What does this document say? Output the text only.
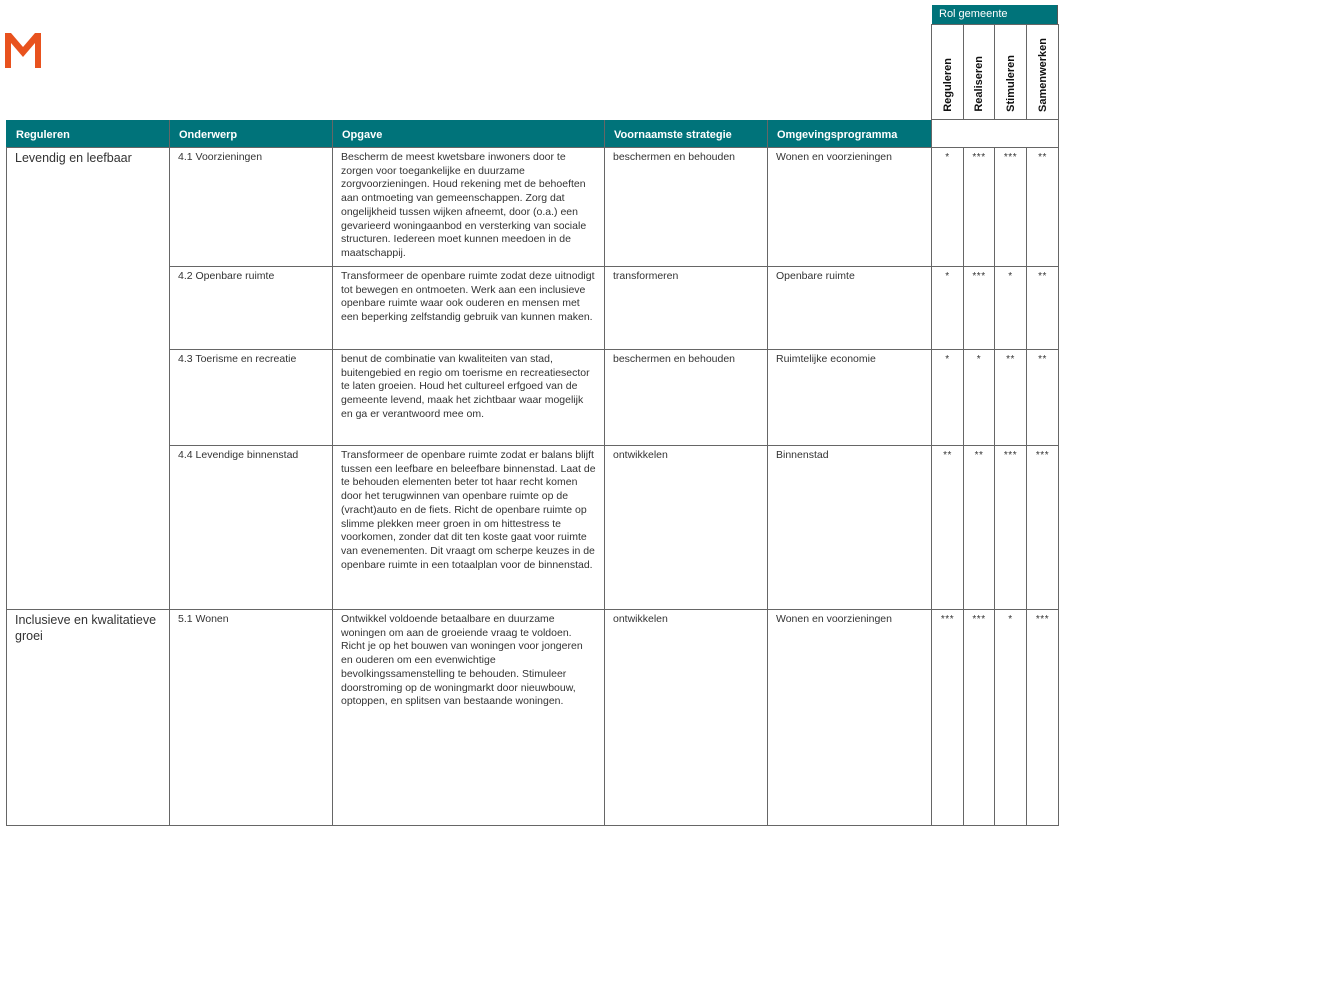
Rol gemeente
					Reguleren	Realiseren	Stimuleren	Samenwerken
Reguleren	Onderwerp	Opgave	Voornaamste strategie	Omgevingsprogramma				
Levendig en leefbaar	4.1 Voorzieningen	Bescherm de meest kwetsbare inwoners door te zorgen voor toegankelijke en duurzame zorgvoorzieningen. Houd rekening met de behoeften aan ontmoeting van gemeenschappen. Zorg dat ongelijkheid tussen wijken afneemt, door (o.a.) een gevarieerd woningaanbod en versterking van sociale structuren. Iedereen moet kunnen meedoen in de maatschappij.	beschermen en behouden	Wonen en voorzieningen	*	***	***	**
	4.2 Openbare ruimte	Transformeer de openbare ruimte zodat deze uitnodigt tot bewegen en ontmoeten. Werk aan een inclusieve openbare ruimte waar ook ouderen en mensen met een beperking zelfstandig gebruik van kunnen maken.	transformeren	Openbare ruimte	*	***	*	**
	4.3 Toerisme en recreatie	benut de combinatie van kwaliteiten van stad, buitengebied en regio om toerisme en recreatiesector te laten groeien. Houd het cultureel erfgoed van de gemeente levend, maak het zichtbaar waar mogelijk en ga er verantwoord mee om.	beschermen en behouden	Ruimtelijke economie	*	*	**	**
	4.4 Levendige binnenstad	Transformeer de openbare ruimte zodat er balans blijft tussen een leefbare en beleefbare binnenstad. Laat de te behouden elementen beter tot haar recht komen door het terugwinnen van openbare ruimte op de (vracht)auto en de fiets. Richt de openbare ruimte op slimme plekken meer groen in om hittestress te voorkomen, zonder dat dit ten koste gaat voor ruimte van evenementen. Dit vraagt om scherpe keuzes in de openbare ruimte in een totaalplan voor de binnenstad.	ontwikkelen	Binnenstad	**	**	***	***
Inclusieve en kwalitatieve groei	5.1 Wonen	Ontwikkel voldoende betaalbare en duurzame woningen om aan de groeiende vraag te voldoen. Richt je op het bouwen van woningen voor jongeren en ouderen om een evenwichtige bevolkingssamenstelling te behouden. Stimuleer doorstroming op de woningmarkt door nieuwbouw, optoppen, en splitsen van bestaande woningen.	ontwikkelen	Wonen en voorzieningen	***	***	*	***
